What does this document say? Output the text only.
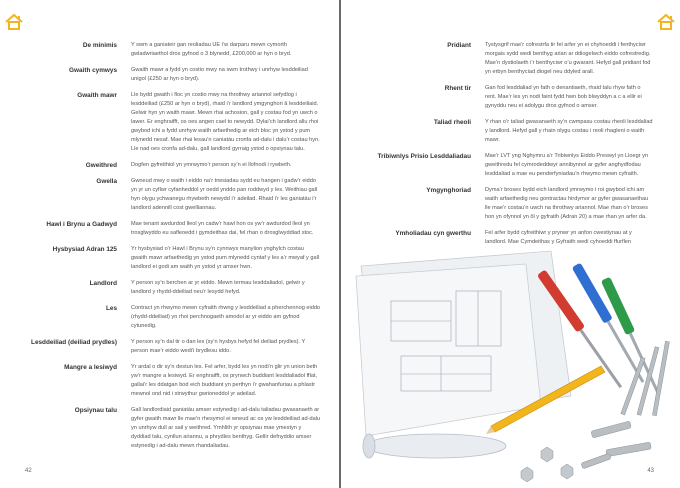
De minimis	Y swm a ganiateir gan reoliadau UE i’w darparu mewn cymorth gwladwriaethol dros gyfnod o 3 blynedd, £200,000 ar hyn o bryd.
Gwaith cymwys	Gwaith mawr a fydd yn costio mwy na swm trothwy i unrhyw lesddeiliad unigol (£250 ar hyn o bryd).
Gwaith mawr	Lle bydd gwaith i floc yn costio mwy na throthwy ariannol sefydlog i lesddeiliad (£250 ar hyn o bryd), rhaid i’r landlord ymgynghori â lesddeiliaid. Gelwir hyn yn waith mawr. Mewn rhai achosion, gall y costau fod yn uwch o lawer. Er enghraifft, os oes angen cael to newydd. Dylai’ch landlord allu rhoi gwybod ichi a fydd unrhyw waith arfaethedig ar eich bloc yn ystod y pum mlynedd nesaf. Mae rhai lesau’n caniatáu cronfa ad-dalu i dalu’r costau hyn. Lle nad oes cronfa ad-dalu, gall landlord gyrraig ystod o opsiynau talu.
Gweithred	Dogfen gyfreithiol yn ymrwymo’r person sy’n ei llofnodi i rywbeth.
Gwella	Gwneud mwy o waith i eiddo na’r trwsiadau sydd eu hangen i gadw’r eiddo yn yr un cyflwr cyfanheddol yr oedd ynddo pan roddwyd y les. Weithiau gall hyn olygu ychwanegu rhywbeth newydd i’r adeilad. Rhaid i’r les ganiatáu i’r landlord adennill cost gwelliannau.
Hawl i Brynu a Gadwyd	Mae tenant awdurdod lleol yn cadw’r hawl hon os yw’r awdurdod lleol yn trosglwyddo eu safleoedd i gymdeithas dai, fel rhan o drosglwyddiad stoc.
Hysbysiad Adran 125	Yr hysbysiad o’r Hawl i Brynu sy’n cynnwys manylion ynghylch costau gwaith mawr arfaethedig yn ystod pum mlynedd cyntaf y les a’r mwyaf y gall landlord ei godi am waith yn ystod yr amser hwn.
Landlord	Y person sy’n berchen ar yr eiddo. Mewn termau lesddaliadol, gelwir y landlord y rhydd-ddeiliad neu’r lesydd hefyd.
Les	Contract yn rhwymo mewn cyfraith rhwng y lesddeiliad a pherchennog eiddo (rhydd-ddeiliad) yn rhoi perchnogaeth amodol ar yr eiddo am gyfnod cytunedig.
Lesddeiliad (deiliad prydles)	Y person sy’n dal tir o dan les (sy’n hysbys hefyd fel deiliad prydles). Y person mae’r eiddo wedi’i brydlesu iddo.
Mangre a lesiwyd	Yr ardal o dir sy’n destun les. Fel arfer, bydd les yn nodi’n glir yn union beth yw’r mangre a lesiwyd. Er enghraifft, os prynwch buddiant lesddaliadol fflat, gallai’r les ddatgan bod eich buddiant yn perthyn i’r gwahanfuriau a phlastr mewnol ond nid i strwythur gwrioneddol yr adeilad.
Opsiynau talu	Gall landlordiaid ganiatáu amser estynedig i ad-dalu taliadau gwasanaeth ar gyfer gwaith mawr lle mae’n rhesymol ei wneud ac os yw lesddeiliad ad-dalu yn unrhyw dull ar sail y weithred. Ymhlith yr opsiynau mae ymestyn y dyddiad talu, cynllun ariannu, a phrydles benthyg. Gellir defnyddio amser estynedig i ad-dalu mewn rhandaliadau.
42
Pridiant	Tystysgrif mae’r cofrestrfa tir fel arfer yn ei chyhoeddi i fenthyciwr morgais sydd wedi benthyg arian ar ddiogelwch eiddo cofrestredig. Mae’n dystiolaeth i’r benthyciwr o’u gwarant. Hefyd gall pridiant fod yn erbyn benthyciad diogel neu ddyled arall.
Rhent tir	Gan fod lesddaliad yn fath o denantiaeth, rhaid talu rhyw fath o rent. Mae’r les yn nodi faint fydd hwn bob blwyddyn a c a ellir ei gynyddu neu ei adolygu dros gyfnod o amser.
Taliad rheoli	Y rhan o’r taliad gwasanaeth sy’n cwmpasu costau rheoli lesddaliad y landlord. Hefyd gall y rhain olygu costau i reoli rhagleni o waith mawr.
Tribiwnlys Prisio Lesddaliadau	Mae’r LVT yng Nghymru a’r Tribiwnlys Eiddo Preswyl yn Lloegr yn gweithredu fel cymrodeddwyr annibynnol ar gyfer anghydfodau lesddaliad a mae eu penderfyniadau’n rhwymo mewn cyfraith.
Ymgynghoriad	Dyma’r broses bydd eich landlord ymrwymo i roi gwybod ichi am waith arfaethedig neu gontractau hirdymor ar gyfer gwasanaethau lle mae’r costau’n uwch na throthwy ariannol. Mae rhan o’r broses hon yn ofynnol yn ôl y gyfraith (Adran 20) a mae rhan yn arfer da.
Ymholiadau cyn gwerthu	Fel arfer bydd cyfreithiwr y prynwr yn anfon cwestiynau at y landlord. Mae Cymdeithas y Gyfraith wedi cyhoeddi ffurflen
43
